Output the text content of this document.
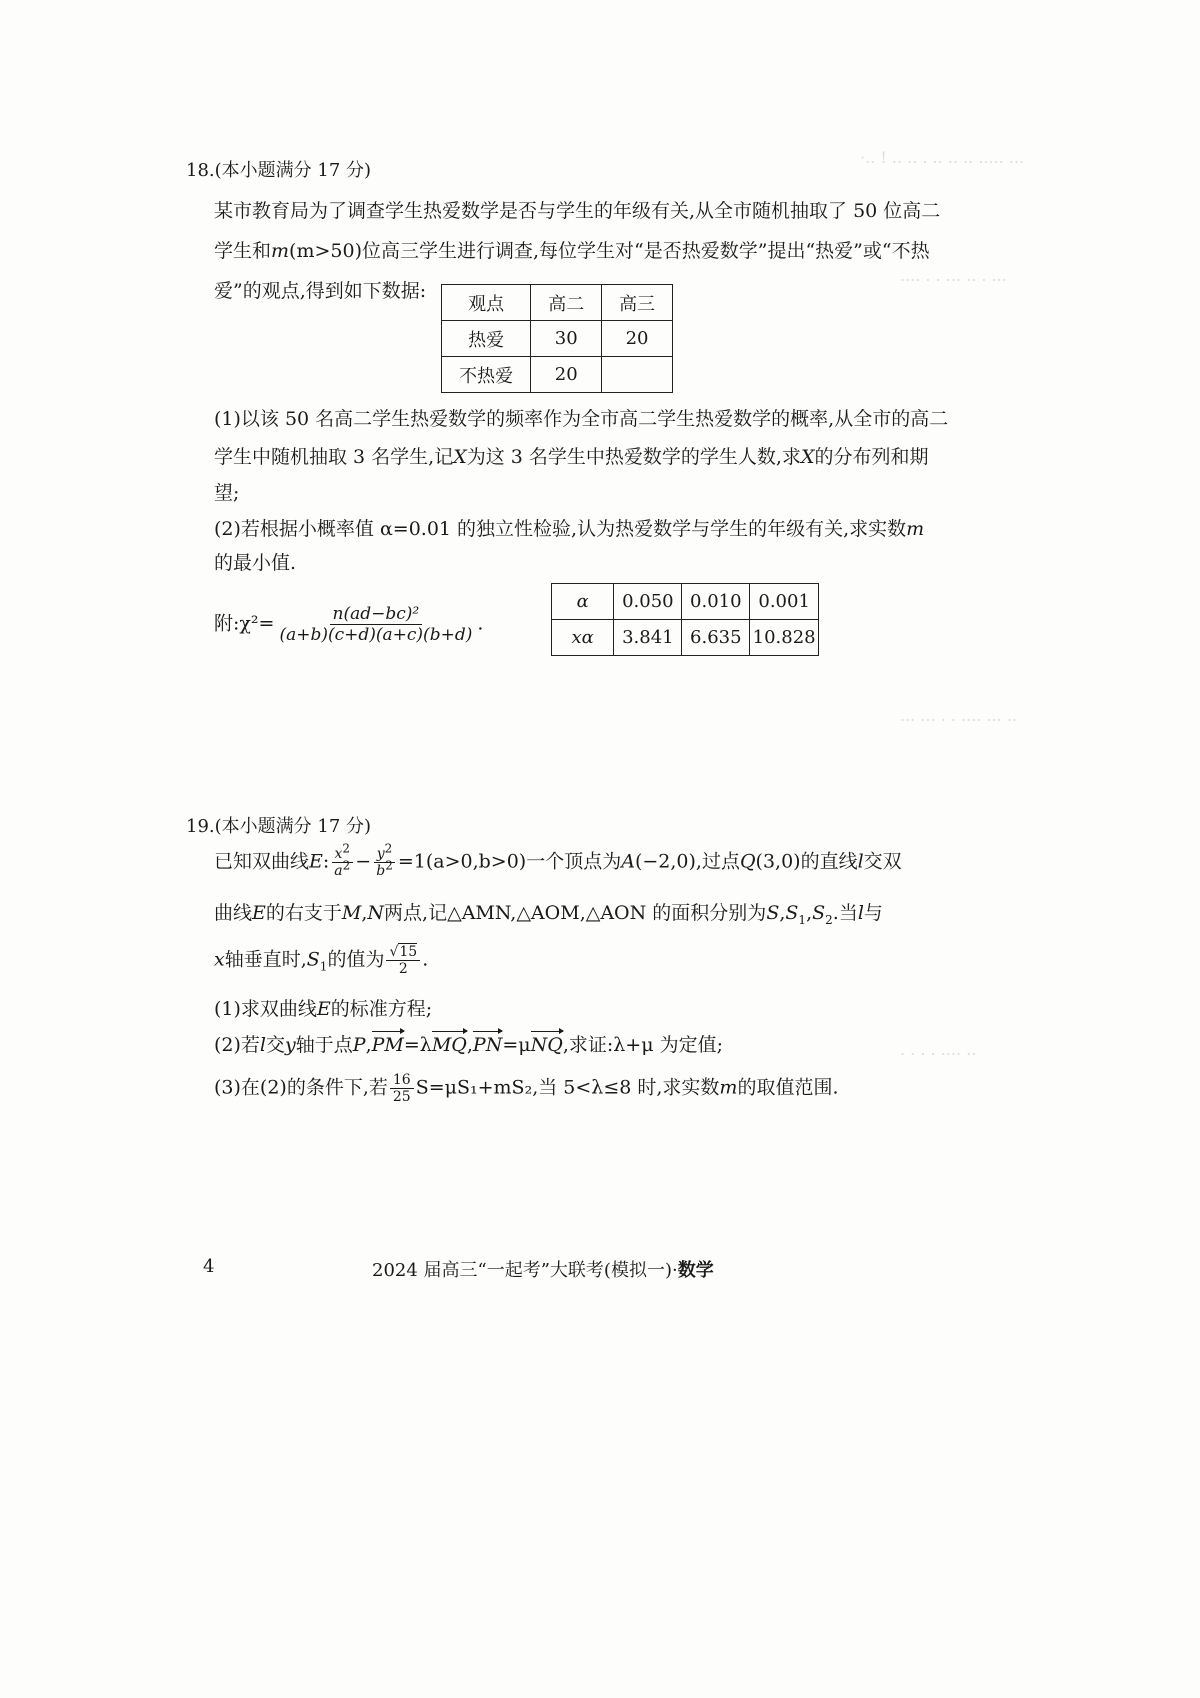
·.. ! .. .. . .. .. .. ..... ...
.... . . ... .. . ...
... ... . . .... ... ..
. . . . .... ..
18.(本小题满分 17 分)
某市教育局为了调查学生热爱数学是否与学生的年级有关,从全市随机抽取了 50 位高二
学生和m(m>50)位高三学生进行调查,每位学生对“是否热爱数学”提出“热爱”或“不热
爱”的观点,得到如下数据:
观点	高二	高三
热爱	30	20
不热爱	20	
(1)以该 50 名高二学生热爱数学的频率作为全市高二学生热爱数学的概率,从全市的高二
学生中随机抽取 3 名学生,记X为这 3 名学生中热爱数学的学生人数,求X的分布列和期
望;
(2)若根据小概率值 α=0.01 的独立性检验,认为热爱数学与学生的年级有关,求实数m
的最小值.
附:χ²= $\frac{\text{n(ad−bc)²}}{(a+b)(c+d)(a+c)(b+d)}$ .
α	0.050	0.010	0.001
xα	3.841	6.635	10.828
19.(本小题满分 17 分)
已知双曲线E: $\frac{x^2}{a^2} - \frac{y^2}{b^2} =1(a>0,b>0)$一个顶点为A(−2,0),过点Q(3,0)的直线l交双
曲线E的右支于M,N两点,记△AMN,△AOM,△AON 的面积分别为$S,S_1,S_2$.当l与
x轴垂直时$,S_1$的值为 $\frac{√15}{2}$ .
(1)求双曲线E的标准方程;
(2)若l交y轴于点P,PM=λMQ,PN=μNQ,求证:λ+μ 为定值;
(3)在(2)的条件下,若 $\frac{16}{25} S=\mu S_1+mS_2$,当 5<λ≤8 时,求实数m的取值范围.
4	2024 届高三“一起考”大联考(模拟一)·数学
